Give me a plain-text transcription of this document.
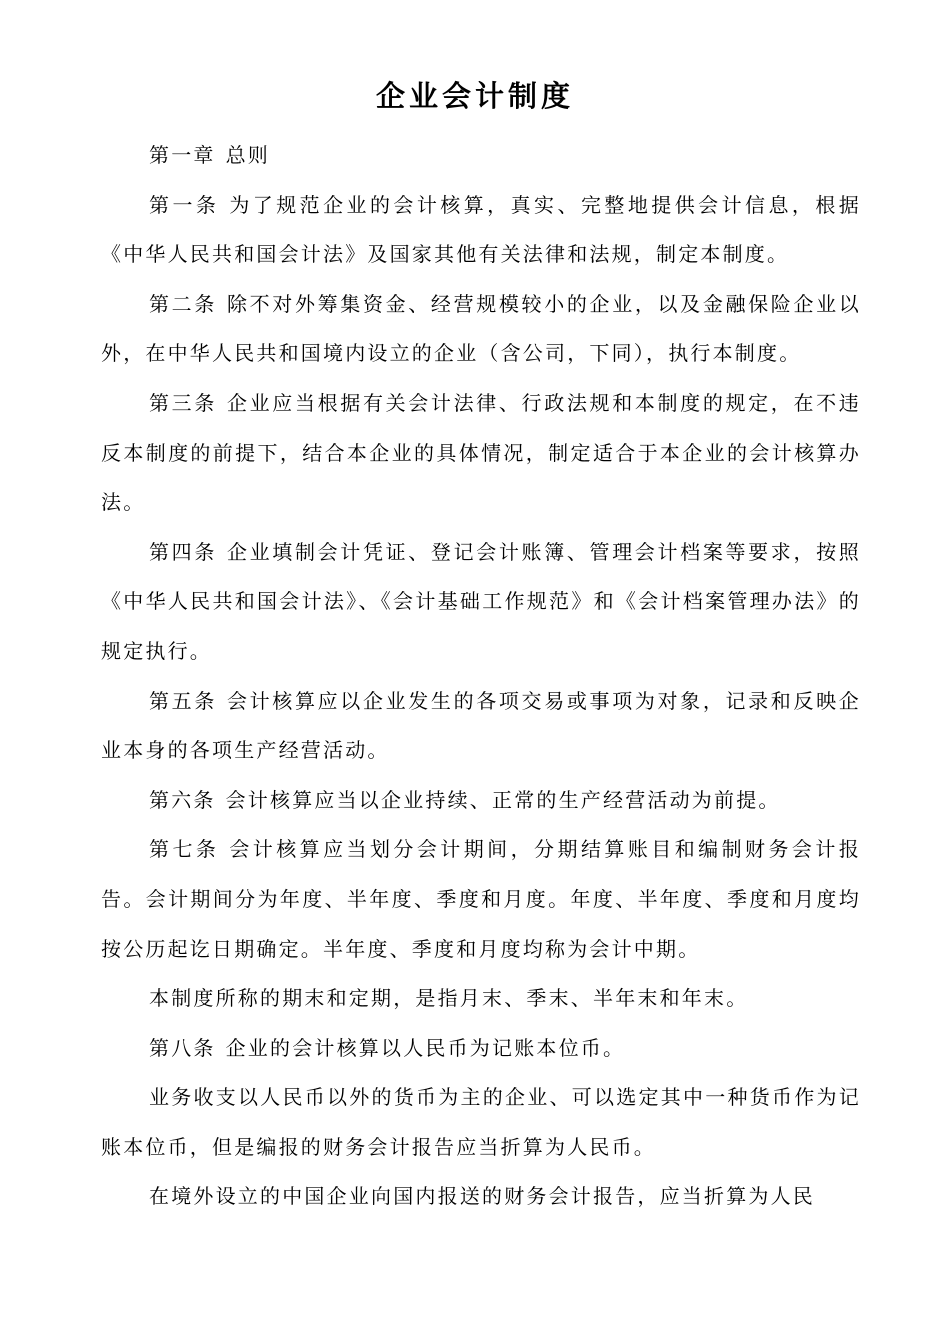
企业会计制度

第一章 总则

第一条 为了规范企业的会计核算，真实、完整地提供会计信息，根据《中华人民共和国会计法》及国家其他有关法律和法规，制定本制度。

第二条 除不对外筹集资金、经营规模较小的企业，以及金融保险企业以外，在中华人民共和国境内设立的企业（含公司，下同），执行本制度。

第三条 企业应当根据有关会计法律、行政法规和本制度的规定，在不违反本制度的前提下，结合本企业的具体情况，制定适合于本企业的会计核算办法。

第四条 企业填制会计凭证、登记会计账簿、管理会计档案等要求，按照《中华人民共和国会计法》、《会计基础工作规范》和《会计档案管理办法》的规定执行。

第五条 会计核算应以企业发生的各项交易或事项为对象，记录和反映企业本身的各项生产经营活动。

第六条 会计核算应当以企业持续、正常的生产经营活动为前提。

第七条 会计核算应当划分会计期间，分期结算账目和编制财务会计报告。会计期间分为年度、半年度、季度和月度。年度、半年度、季度和月度均按公历起讫日期确定。半年度、季度和月度均称为会计中期。

本制度所称的期末和定期，是指月末、季末、半年末和年末。

第八条 企业的会计核算以人民币为记账本位币。

业务收支以人民币以外的货币为主的企业、可以选定其中一种货币作为记账本位币，但是编报的财务会计报告应当折算为人民币。

在境外设立的中国企业向国内报送的财务会计报告，应当折算为人民
